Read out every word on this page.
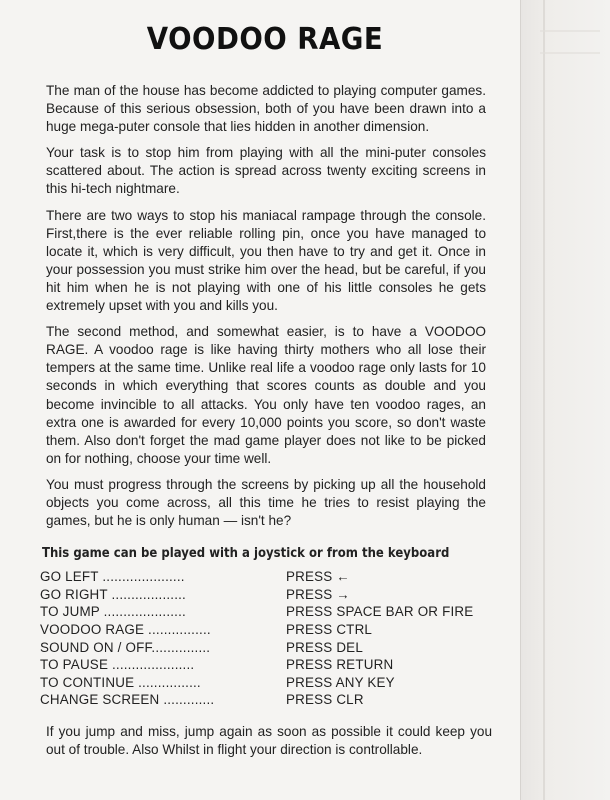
VOODOO RAGE

The man of the house has become addicted to playing computer games. Because of this serious obsession, both of you have been drawn into a huge mega-puter console that lies hidden in another dimension.

Your task is to stop him from playing with all the mini-puter consoles scattered about. The action is spread across twenty exciting screens in this hi-tech nightmare.

There are two ways to stop his maniacal rampage through the console. First,there is the ever reliable rolling pin, once you have managed to locate it, which is very difficult, you then have to try and get it. Once in your possession you must strike him over the head, but be careful, if you hit him when he is not playing with one of his little consoles he gets extremely upset with you and kills you.

The second method, and somewhat easier, is to have a VOODOO RAGE. A voodoo rage is like having thirty mothers who all lose their tempers at the same time. Unlike real life a voodoo rage only lasts for 10 seconds in which everything that scores counts as double and you become invincible to all attacks. You only have ten voodoo rages, an extra one is awarded for every 10,000 points you score, so don't waste them. Also don't forget the mad game player does not like to be picked on for nothing, choose your time well.

You must progress through the screens by picking up all the household objects you come across, all this time he tries to resist playing the games, but he is only human — isn't he?

This game can be played with a joystick or from the keyboard
GO LEFT .....................	PRESS ←
GO RIGHT ...................	PRESS →
TO JUMP .....................	PRESS SPACE BAR OR FIRE
VOODOO RAGE ................	PRESS CTRL
SOUND ON / OFF...............	PRESS DEL
TO PAUSE .....................	PRESS RETURN
TO CONTINUE ................	PRESS ANY KEY
CHANGE SCREEN .............	PRESS CLR

If you jump and miss, jump again as soon as possible it could keep you out of trouble. Also Whilst in flight your direction is controllable.
